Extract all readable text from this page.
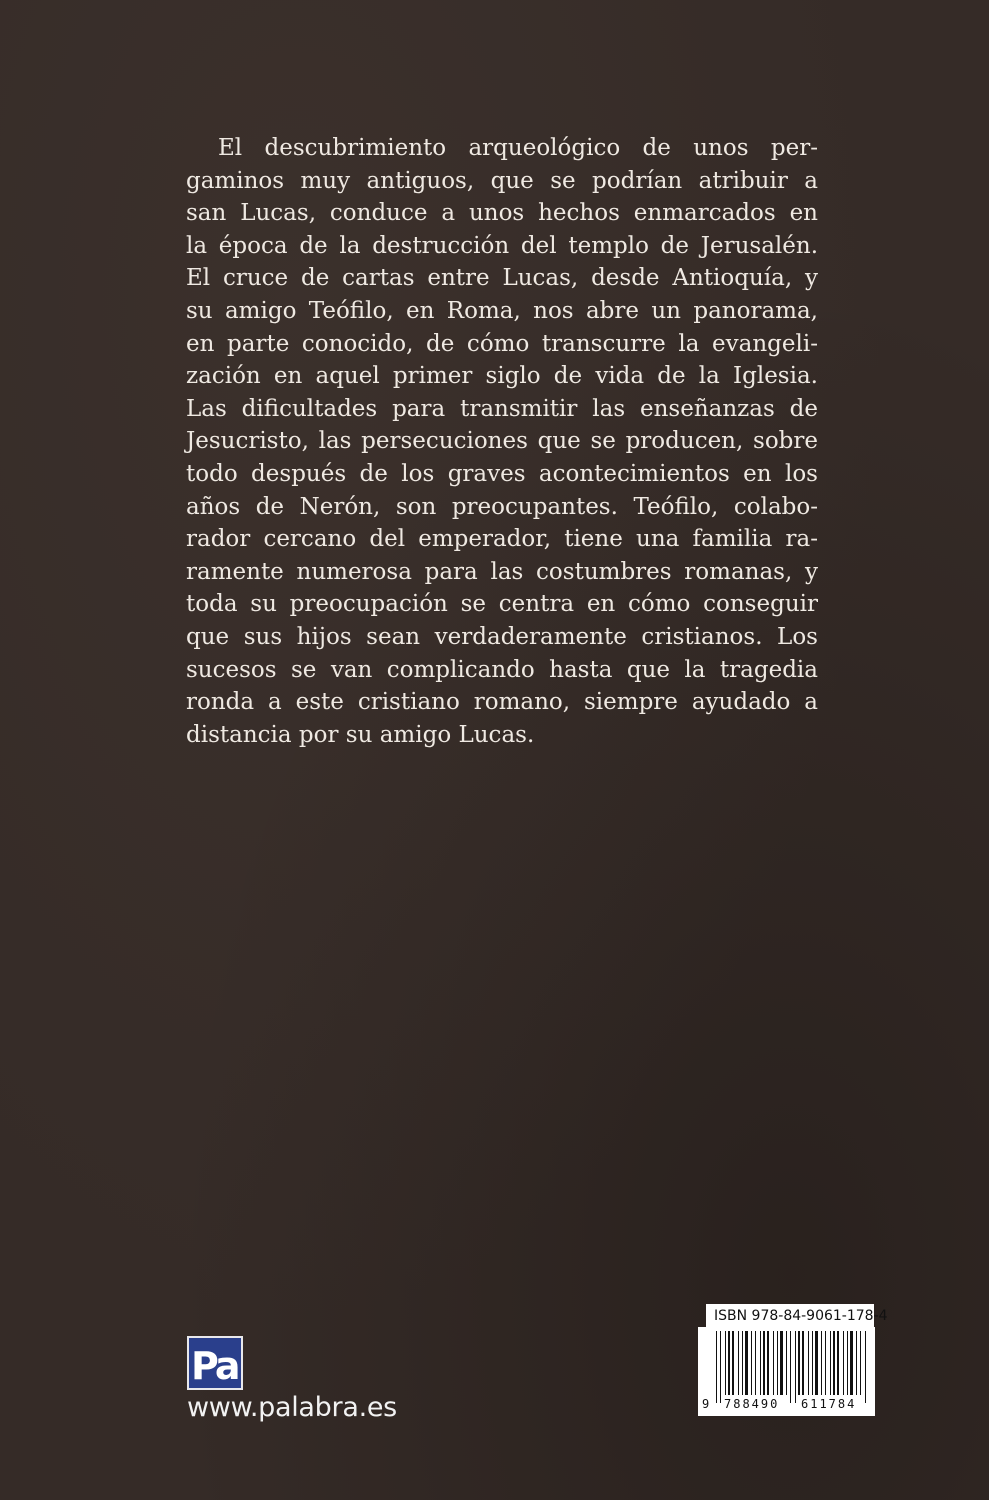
El descubrimiento arqueológico de unos per-
gaminos muy antiguos, que se podrían atribuir a
san Lucas, conduce a unos hechos enmarcados en
la época de la destrucción del templo de Jerusalén.
El cruce de cartas entre Lucas, desde Antioquía, y
su amigo Teófilo, en Roma, nos abre un panorama,
en parte conocido, de cómo transcurre la evangeli-
zación en aquel primer siglo de vida de la Iglesia.
Las dificultades para transmitir las enseñanzas de
Jesucristo, las persecuciones que se producen, sobre
todo después de los graves acontecimientos en los
años de Nerón, son preocupantes. Teófilo, colabo-
rador cercano del emperador, tiene una familia ra-
ramente numerosa para las costumbres romanas, y
toda su preocupación se centra en cómo conseguir
que sus hijos sean verdaderamente cristianos. Los
sucesos se van complicando hasta que la tragedia
ronda a este cristiano romano, siempre ayudado a
distancia por su amigo Lucas.
Pa
www.palabra.es
ISBN 978-84-9061-178-4
9 788490 611784
